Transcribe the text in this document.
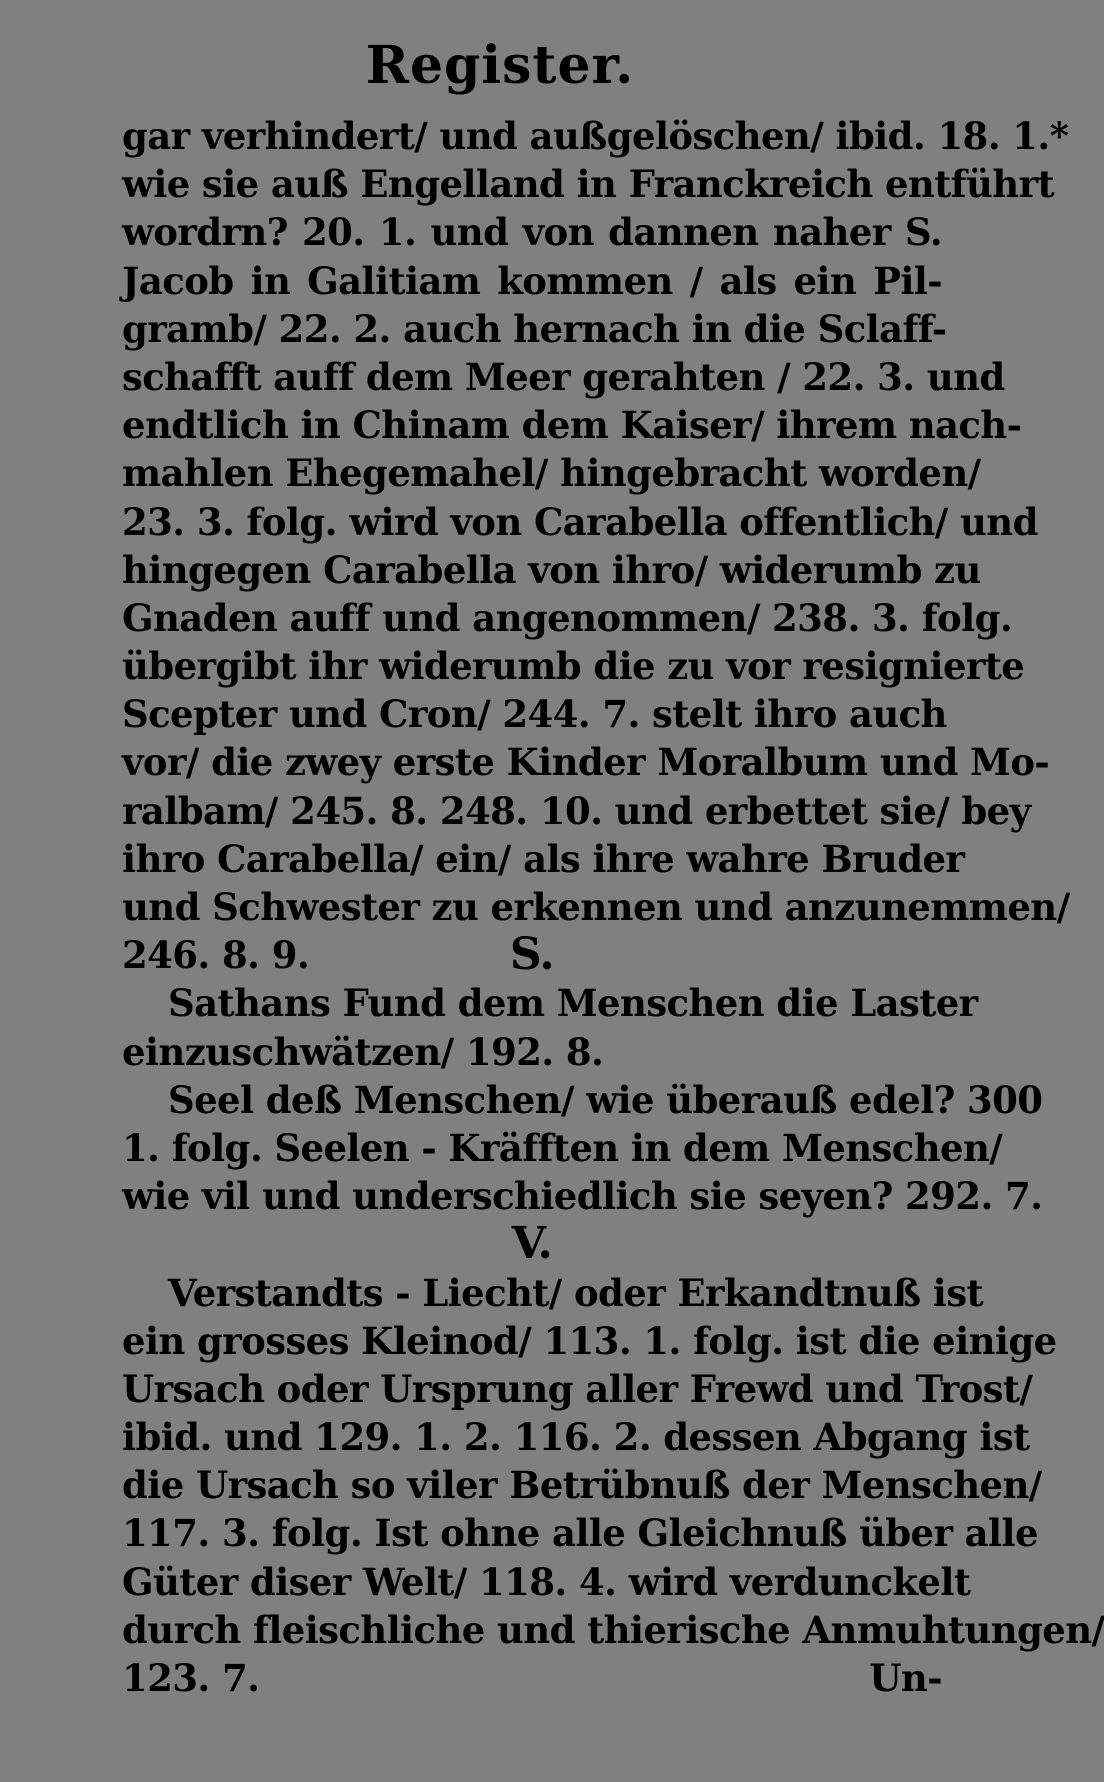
Register.
gar verhindert/ und außgelöschen/ ibid. 18. 1.*
wie sie auß Engelland in Franckreich entführt
wordrn? 20. 1. und von dannen naher S.
Jacob in Galitiam kommen / als ein Pil-
gramb/ 22. 2. auch hernach in die Sclaff-
schafft auff dem Meer gerahten / 22. 3. und
endtlich in Chinam dem Kaiser/ ihrem nach-
mahlen Ehegemahel/ hingebracht worden/
23. 3. folg. wird von Carabella offentlich/ und
hingegen Carabella von ihro/ widerumb zu
Gnaden auff und angenommen/ 238. 3. folg.
übergibt ihr widerumb die zu vor resignierte
Scepter und Cron/ 244. 7. stelt ihro auch
vor/ die zwey erste Kinder Moralbum und Mo-
ralbam/ 245. 8. 248. 10. und erbettet sie/ bey
ihro Carabella/ ein/ als ihre wahre Bruder
und Schwester zu erkennen und anzunemmen/
246. 8. 9.	S.
Sathans Fund dem Menschen die Laster
einzuschwätzen/ 192. 8.
Seel deß Menschen/ wie überauß edel? 300
1. folg. Seelen - Kräfften in dem Menschen/
wie vil und underschiedlich sie seyen? 292. 7.
V.
Verstandts - Liecht/ oder Erkandtnuß ist
ein grosses Kleinod/ 113. 1. folg. ist die einige
Ursach oder Ursprung aller Frewd und Trost/
ibid. und 129. 1. 2. 116. 2. dessen Abgang ist
die Ursach so viler Betrübnuß der Menschen/
117. 3. folg. Ist ohne alle Gleichnuß über alle
Güter diser Welt/ 118. 4. wird verdunckelt
durch fleischliche und thierische Anmuhtungen/
123. 7.	Un-
